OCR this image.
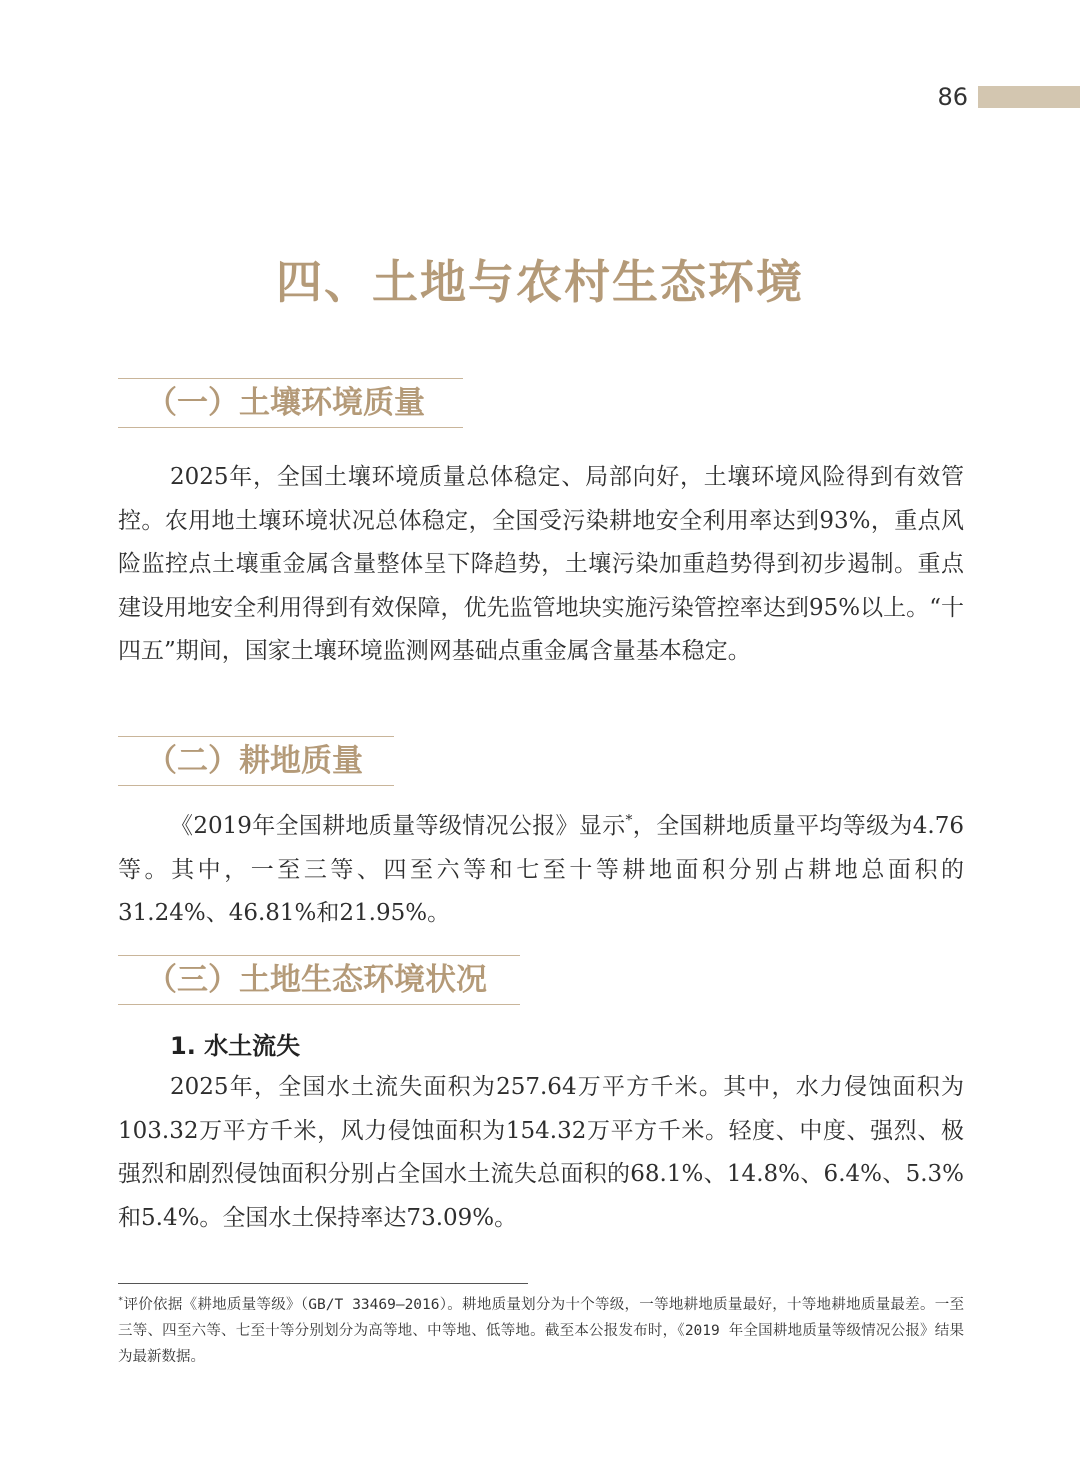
86
四、土地与农村生态环境
（一）土壤环境质量

2025年，全国土壤环境质量总体稳定、局部向好，土壤环境风险得到有效管控。农用地土壤环境状况总体稳定，全国受污染耕地安全利用率达到93%，重点风险监控点土壤重金属含量整体呈下降趋势，土壤污染加重趋势得到初步遏制。重点建设用地安全利用得到有效保障，优先监管地块实施污染管控率达到95%以上。“十四五”期间，国家土壤环境监测网基础点重金属含量基本稳定。

（二）耕地质量

《2019年全国耕地质量等级情况公报》显示*，全国耕地质量平均等级为4.76等。其中，一至三等、四至六等和七至十等耕地面积分别占耕地总面积的31.24%、46.81%和21.95%。

（三）土地生态环境状况
1. 水土流失

2025年，全国水土流失面积为257.64万平方千米。其中，水力侵蚀面积为103.32万平方千米，风力侵蚀面积为154.32万平方千米。轻度、中度、强烈、极强烈和剧烈侵蚀面积分别占全国水土流失总面积的68.1%、14.8%、6.4%、5.3%和5.4%。全国水土保持率达73.09%。

*评价依据《耕地质量等级》（GB/T 33469—2016）。耕地质量划分为十个等级，一等地耕地质量最好，十等地耕地质量最差。一至三等、四至六等、七至十等分别划分为高等地、中等地、低等地。截至本公报发布时，《2019 年全国耕地质量等级情况公报》结果为最新数据。
